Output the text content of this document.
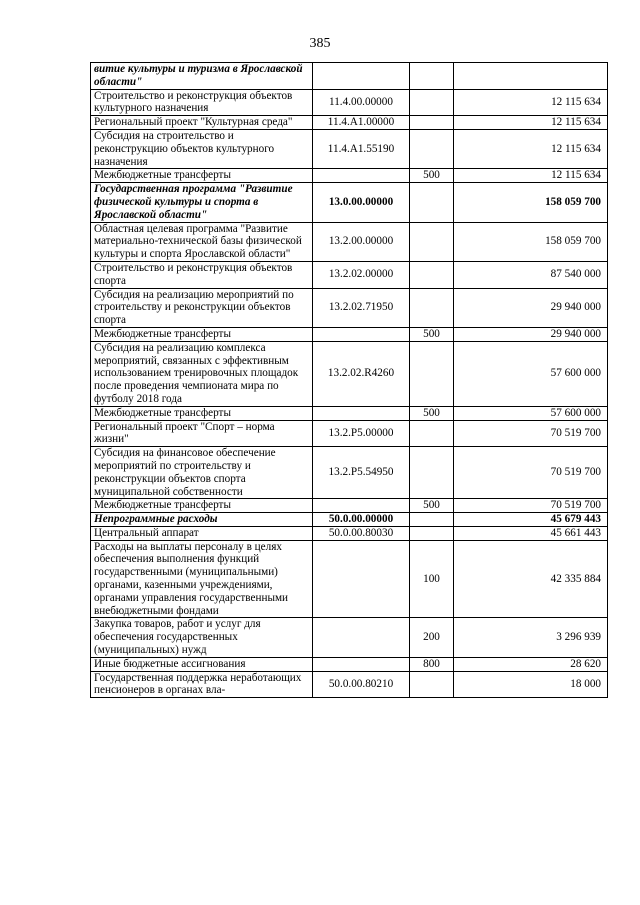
385
витие культуры и туризма в Ярославской области"			
Строительство и реконструкция объектов культурного назначения	11.4.00.00000		12 115 634
Региональный проект "Культурная среда"	11.4.A1.00000		12 115 634
Субсидия на строительство и реконструкцию объектов культурного назначения	11.4.A1.55190		12 115 634
Межбюджетные трансферты		500	12 115 634
Государственная программа "Развитие физической культуры и спорта в Ярославской области"	13.0.00.00000		158 059 700
Областная целевая программа "Развитие материально-технической базы физической культуры и спорта Ярославской области"	13.2.00.00000		158 059 700
Строительство и реконструкция объектов спорта	13.2.02.00000		87 540 000
Субсидия на реализацию мероприятий по строительству и реконструкции объектов спорта	13.2.02.71950		29 940 000
Межбюджетные трансферты		500	29 940 000
Субсидия на реализацию комплекса мероприятий, связанных с эффективным использованием тренировочных площадок после проведения чемпионата мира по футболу 2018 года	13.2.02.R4260		57 600 000
Межбюджетные трансферты		500	57 600 000
Региональный проект "Спорт – норма жизни"	13.2.P5.00000		70 519 700
Субсидия на финансовое обеспечение мероприятий по строительству и реконструкции объектов спорта муниципальной собственности	13.2.P5.54950		70 519 700
Межбюджетные трансферты		500	70 519 700
Непрограммные расходы	50.0.00.00000		45 679 443
Центральный аппарат	50.0.00.80030		45 661 443
Расходы на выплаты персоналу в целях обеспечения выполнения функций государственными (муниципальными) органами, казенными учреждениями, органами управления государственными внебюджетными фондами		100	42 335 884
Закупка товаров, работ и услуг для обеспечения государственных (муниципальных) нужд		200	3 296 939
Иные бюджетные ассигнования		800	28 620
Государственная поддержка неработающих пенсионеров в органах вла-	50.0.00.80210		18 000
